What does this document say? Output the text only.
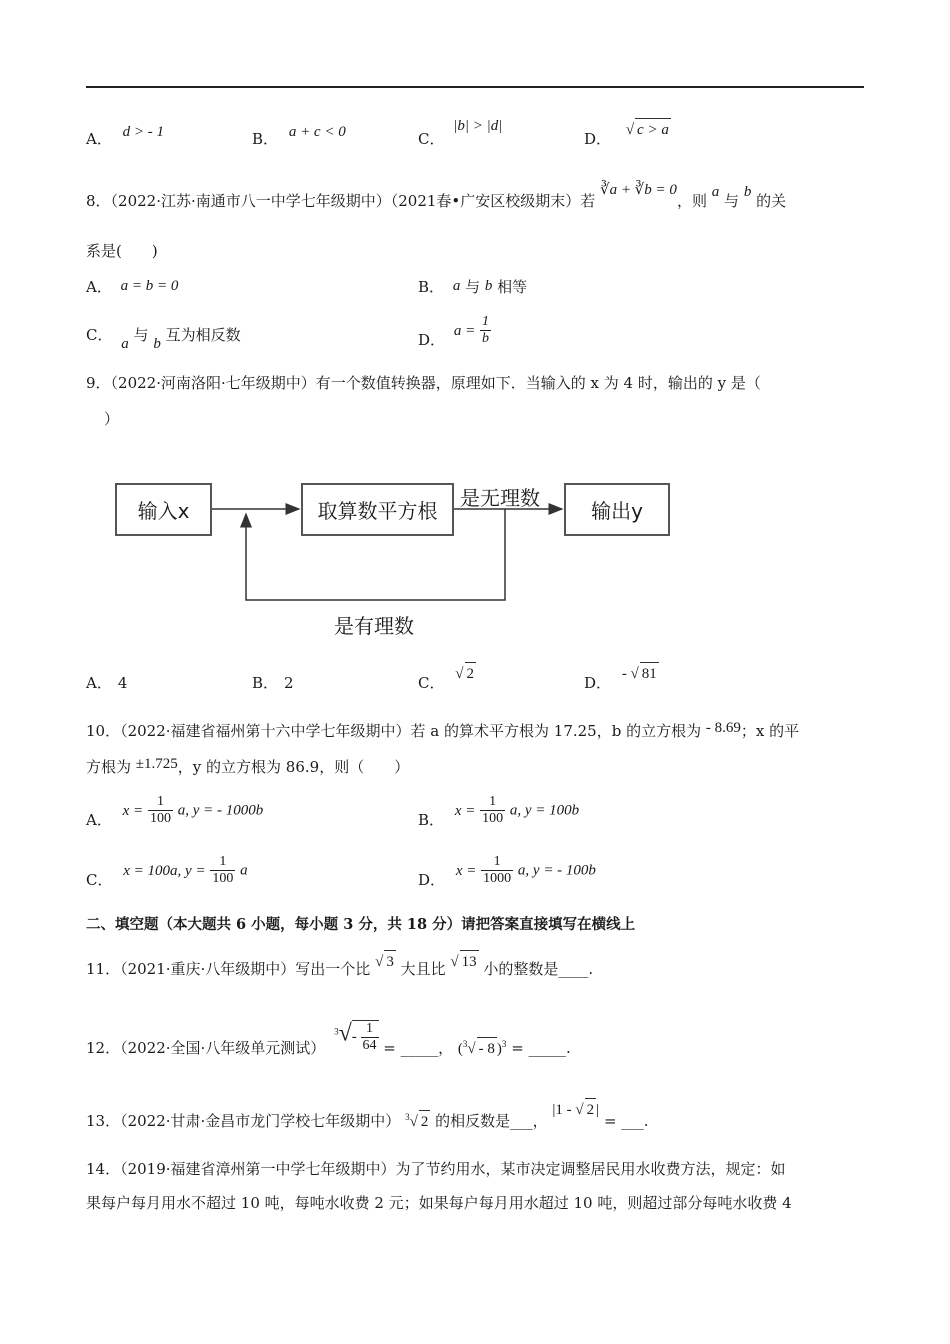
A． d > - 1	B． a + c < 0	C． |b| > |d|
D． √ c > a
8．（2022·江苏·南通市八一中学七年级期中）（2021春•广安区校级期末）若 ∛a + ∛b = 0，则 a 与 b 的关
系是(　　)
A． a = b = 0	B． a 与 b 相等
C． a 与 b 互为相反数	D． $a = \frac{1}{b}$
9．（2022·河南洛阳·七年级期中）有一个数值转换器，原理如下．当输入的 x 为 4 时，输出的 y 是（
）
输入x	取算数平方根	输出y
是无理数
是有理数
A． 4	B． 2	C． √ 2	D． - √ 81
10．（2022·福建省福州第十六中学七年级期中）若 a 的算术平方根为 17.25，b 的立方根为 - 8.69；x 的平
方根为 ±1.725，y 的立方根为 86.9，则（　　）
A． $x = \frac{1}{100} a$, y = - 1000b	B． $x = \frac{1}{100} a$, y = 100b
C． x = 100a, $y = \frac{1}{100}$ a	D． $x = \frac{1}{1000} a$, y = - 100b
二、填空题（本大题共 6 小题，每小题 3 分，共 18 分）请把答案直接填写在横线上
11．（2021·重庆·八年级期中）写出一个比 √ 3 大且比 √ 13 小的整数是____.
12．（2022·全国·八年级单元测试） $^3√- \frac{1}{64}$ = _____， ($^3$√ - 8 )$^3$ = _____.
13．（2022·甘肃·金昌市龙门学校七年级期中） $^3$√ 2 的相反数是___， |1 - √ 2 | = ___.
14．（2019·福建省漳州第一中学七年级期中）为了节约用水，某市决定调整居民用水收费方法，规定：如
果每户每月用水不超过 10 吨，每吨水收费 2 元；如果每户每月用水超过 10 吨，则超过部分每吨水收费 4
